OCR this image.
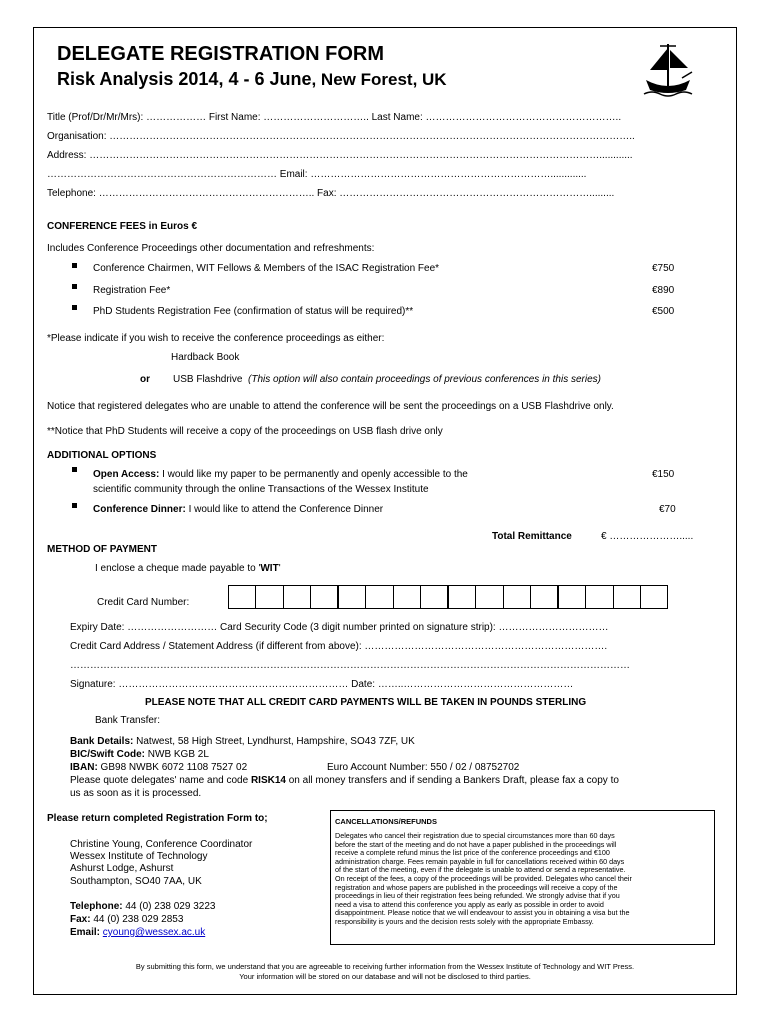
DELEGATE REGISTRATION FORM
Risk Analysis 2014, 4 - 6 June, New Forest, UK
Title (Prof/Dr/Mr/Mrs): ……………… First Name: ………………………….. Last Name: …………………………………………………..
Organisation: …………………………………………………………………………………………………………………………………………..
Address: ………………………………………………………………………………………………………………………………………............
…………………………………………………………… Email: ……………………………………………………………….............
Telephone: ……………………………………………………….. Fax: ………………………………………………………………….........
CONFERENCE FEES in Euros €
Includes Conference Proceedings other documentation and refreshments:
Conference Chairmen, WIT Fellows & Members of the ISAC Registration Fee*	€750
Registration Fee*	€890
PhD Students Registration Fee (confirmation of status will be required)**	€500
*Please indicate if you wish to receive the conference proceedings as either:
Hardback Book
or USB Flashdrive (This option will also contain proceedings of previous conferences in this series)
Notice that registered delegates who are unable to attend the conference will be sent the proceedings on a USB Flashdrive only.
**Notice that PhD Students will receive a copy of the proceedings on USB flash drive only
ADDITIONAL OPTIONS
Open Access: I would like my paper to be permanently and openly accessible to the
scientific community through the online Transactions of the Wessex Institute
€150
Conference Dinner: I would like to attend the Conference Dinner	€70
Total Remittance	€ ………………….....
METHOD OF PAYMENT
I enclose a cheque made payable to 'WIT'
Credit Card Number:
Expiry Date: ……………………… Card Security Code (3 digit number printed on signature strip): ……………………………
Credit Card Address / Statement Address (if different from above): ……………………………………………………………….
……………………………………………………………………………………………………………………………………………………
Signature: …………………………………………………………… Date: ……..……………………………………………
PLEASE NOTE THAT ALL CREDIT CARD PAYMENTS WILL BE TAKEN IN POUNDS STERLING
Bank Transfer:
Bank Details: Natwest, 58 High Street, Lyndhurst, Hampshire, SO43 7ZF, UK
BIC/Swift Code: NWB KGB 2L
IBAN: GB98 NWBK 6072 1108 7527 02	Euro Account Number: 550 / 02 / 08752702
Please quote delegates' name and code RISK14 on all money transfers and if sending a Bankers Draft, please fax a copy to
us as soon as it is processed.
Please return completed Registration Form to;
Christine Young, Conference Coordinator
Wessex Institute of Technology
Ashurst Lodge, Ashurst
Southampton, SO40 7AA, UK
Telephone: 44 (0) 238 029 3223
Fax: 44 (0) 238 029 2853
Email: cyoung@wessex.ac.uk
CANCELLATIONS/REFUNDS
Delegates who cancel their registration due to special circumstances more than 60 days
before the start of the meeting and do not have a paper published in the proceedings will
receive a complete refund minus the list price of the conference proceedings and €100
administration charge. Fees remain payable in full for cancellations received within 60 days
of the start of the meeting, even if the delegate is unable to attend or send a representative.
On receipt of the fees, a copy of the proceedings will be provided. Delegates who cancel their
registration and whose papers are published in the proceedings will receive a copy of the
proceedings in lieu of their registration fees being refunded. We strongly advise that if you
need a visa to attend this conference you apply as early as possible in order to avoid
disappointment. Please notice that we will endeavour to assist you in obtaining a visa but the
responsibility is yours and the decision rests solely with the appropriate Embassy.
By submitting this form, we understand that you are agreeable to receiving further information from the Wessex Institute of Technology and WIT Press.
Your information will be stored on our database and will not be disclosed to third parties.
